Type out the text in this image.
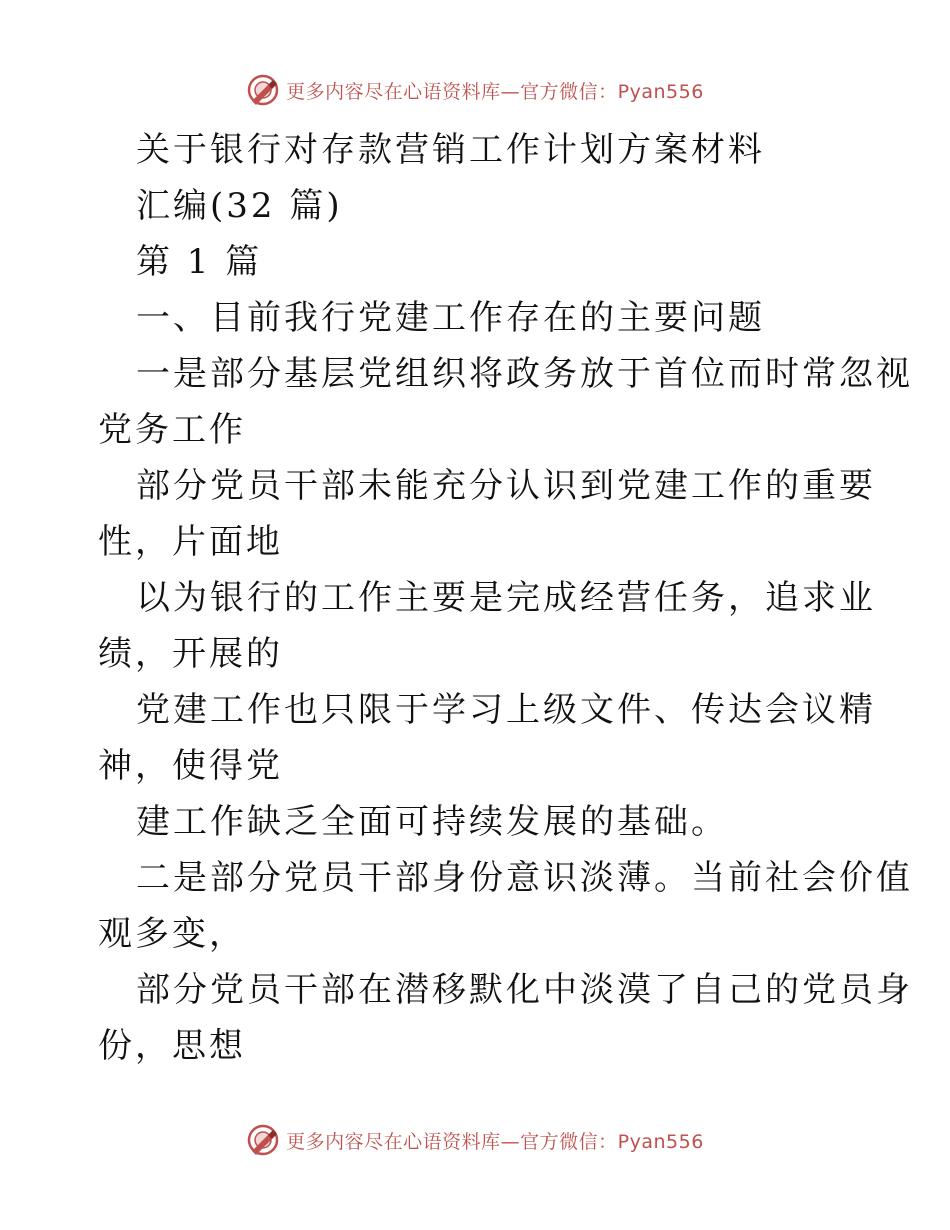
更多内容尽在心语资料库—官方微信：Pyan556
关于银行对存款营销工作计划方案材料
汇编(32 篇)
第 1 篇
一、目前我行党建工作存在的主要问题
一是部分基层党组织将政务放于首位而时常忽视
党务工作
部分党员干部未能充分认识到党建工作的重要
性，片面地
以为银行的工作主要是完成经营任务，追求业
绩，开展的
党建工作也只限于学习上级文件、传达会议精
神，使得党
建工作缺乏全面可持续发展的基础。
二是部分党员干部身份意识淡薄。当前社会价值
观多变，
部分党员干部在潜移默化中淡漠了自己的党员身
份，思想
更多内容尽在心语资料库—官方微信：Pyan556
